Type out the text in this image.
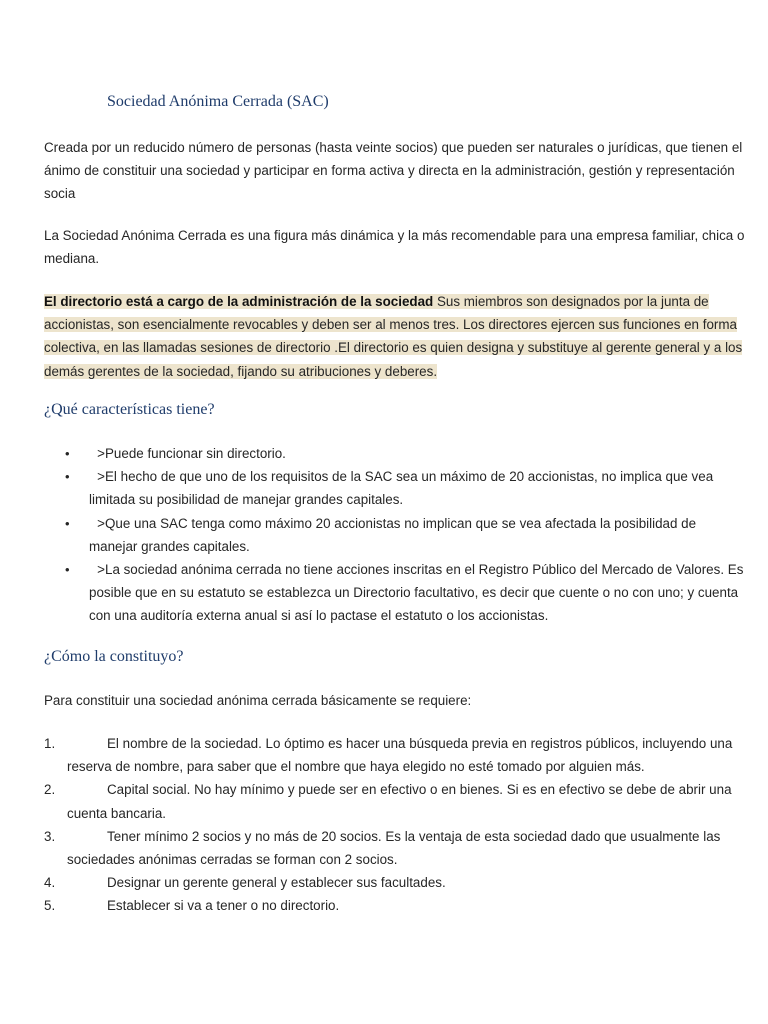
Sociedad Anónima Cerrada (SAC)

Creada por un reducido número de personas (hasta veinte socios) que pueden ser naturales o jurídicas, que tienen el ánimo de constituir una sociedad y participar en forma activa y directa en la administración, gestión y representación socia

La Sociedad Anónima Cerrada es una figura más dinámica y la más recomendable para una empresa familiar, chica o mediana.

El directorio está a cargo de la administración de la sociedad Sus miembros son designados por la junta de accionistas, son esencialmente revocables y deben ser al menos tres. Los directores ejercen sus funciones en forma colectiva, en las llamadas sesiones de directorio .El directorio es quien designa y substituye al gerente general y a los demás gerentes de la sociedad, fijando su atribuciones y deberes.

¿Qué características tiene?
• >Puede funcionar sin directorio.
• >El hecho de que uno de los requisitos de la SAC sea un máximo de 20 accionistas, no implica que vea limitada su posibilidad de manejar grandes capitales.
• >Que una SAC tenga como máximo 20 accionistas no implican que se vea afectada la posibilidad de manejar grandes capitales.
• >La sociedad anónima cerrada no tiene acciones inscritas en el Registro Público del Mercado de Valores. Es posible que en su estatuto se establezca un Directorio facultativo, es decir que cuente o no con uno; y cuenta con una auditoría externa anual si así lo pactase el estatuto o los accionistas.
¿Cómo la constituyo?

Para constituir una sociedad anónima cerrada básicamente se requiere:

1.	El nombre de la sociedad. Lo óptimo es hacer una búsqueda previa en registros públicos, incluyendo una reserva de nombre, para saber que el nombre que haya elegido no esté tomado por alguien más.
2.	Capital social. No hay mínimo y puede ser en efectivo o en bienes. Si es en efectivo se debe de abrir una cuenta bancaria.
3.	Tener mínimo 2 socios y no más de 20 socios. Es la ventaja de esta sociedad dado que usualmente las sociedades anónimas cerradas se forman con 2 socios.
4.	Designar un gerente general y establecer sus facultades.
5.	Establecer si va a tener o no directorio.
